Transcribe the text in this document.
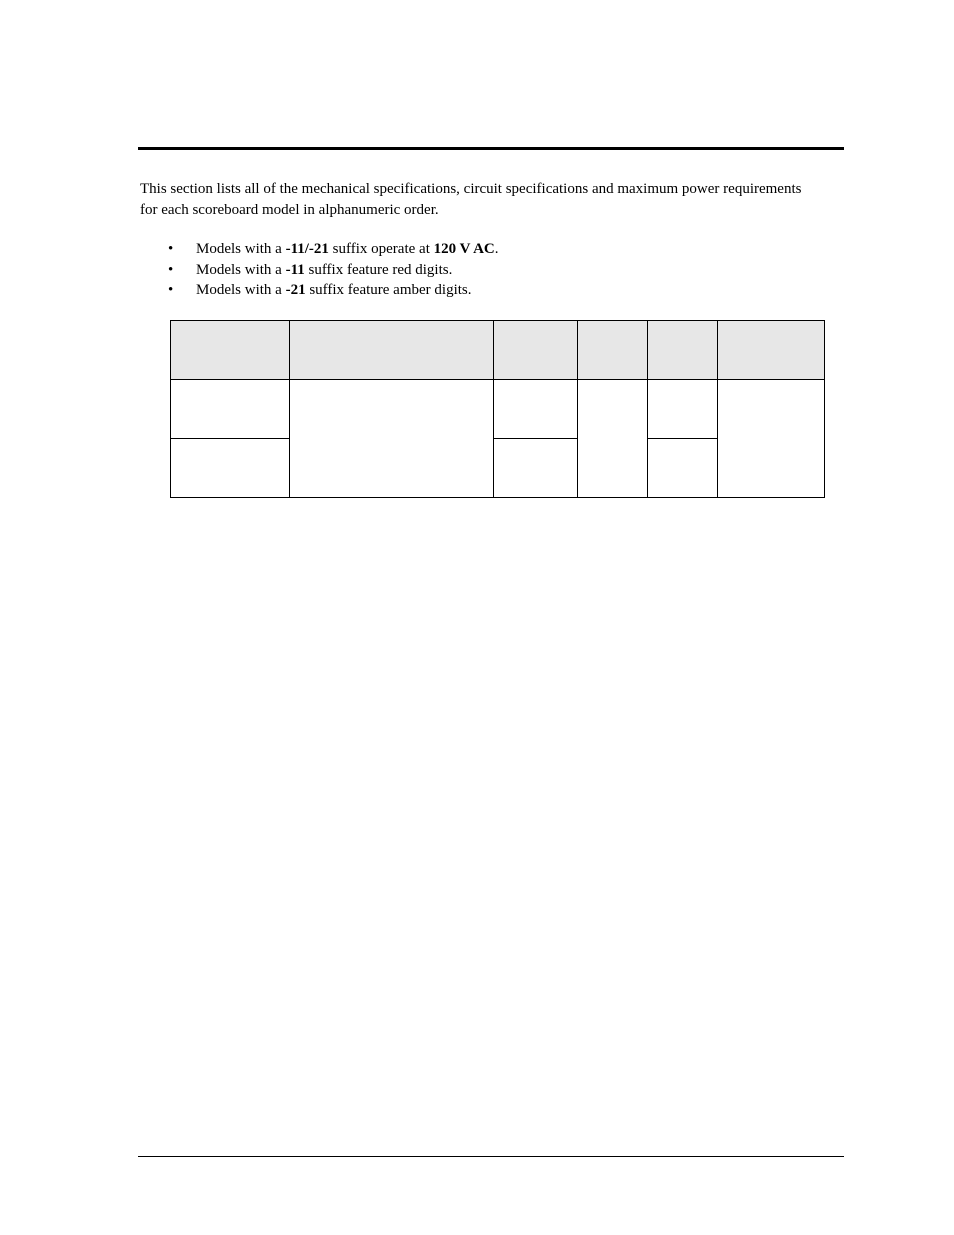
This section lists all of the mechanical specifications, circuit specifications and maximum power requirements for each scoreboard model in alphanumeric order.

• Models with a -11/-21 suffix operate at 120 V AC.
• Models with a -11 suffix feature red digits.
• Models with a -21 suffix feature amber digits.
